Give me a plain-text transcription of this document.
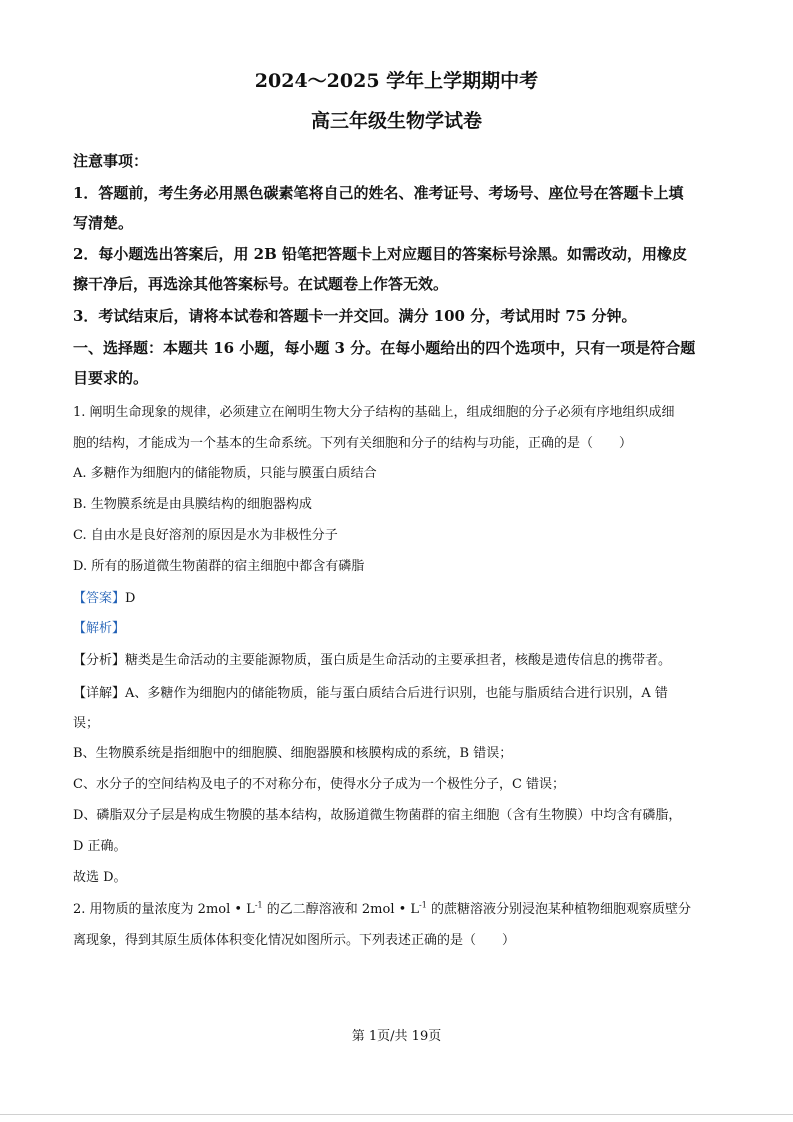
2024～2025 学年上学期期中考
高三年级生物学试卷
注意事项：
1．答题前，考生务必用黑色碳素笔将自己的姓名、准考证号、考场号、座位号在答题卡上填
写清楚。
2．每小题选出答案后，用 2B 铅笔把答题卡上对应题目的答案标号涂黑。如需改动，用橡皮
擦干净后，再选涂其他答案标号。在试题卷上作答无效。
3．考试结束后，请将本试卷和答题卡一并交回。满分 100 分，考试用时 75 分钟。
一、选择题：本题共 16 小题，每小题 3 分。在每小题给出的四个选项中，只有一项是符合题
目要求的。
1. 阐明生命现象的规律，必须建立在阐明生物大分子结构的基础上，组成细胞的分子必须有序地组织成细
胞的结构，才能成为一个基本的生命系统。下列有关细胞和分子的结构与功能，正确的是（　　）
A. 多糖作为细胞内的储能物质，只能与膜蛋白质结合
B. 生物膜系统是由具膜结构的细胞器构成
C. 自由水是良好溶剂的原因是水为非极性分子
D. 所有的肠道微生物菌群的宿主细胞中都含有磷脂
【答案】D
【解析】
【分析】糖类是生命活动的主要能源物质，蛋白质是生命活动的主要承担者，核酸是遗传信息的携带者。
【详解】A、多糖作为细胞内的储能物质，能与蛋白质结合后进行识别，也能与脂质结合进行识别，A 错
误；
B、生物膜系统是指细胞中的细胞膜、细胞器膜和核膜构成的系统，B 错误；
C、水分子的空间结构及电子的不对称分布，使得水分子成为一个极性分子，C 错误；
D、磷脂双分子层是构成生物膜的基本结构，故肠道微生物菌群的宿主细胞（含有生物膜）中均含有磷脂，
D 正确。
故选 D。
2. 用物质的量浓度为 2mol • $L^{-1}$ 的乙二醇溶液和 2mol • $L^{-1}$ 的蔗糖溶液分别浸泡某种植物细胞观察质壁分
离现象，得到其原生质体体积变化情况如图所示。下列表述正确的是（　　）
第 1页/共 19页
